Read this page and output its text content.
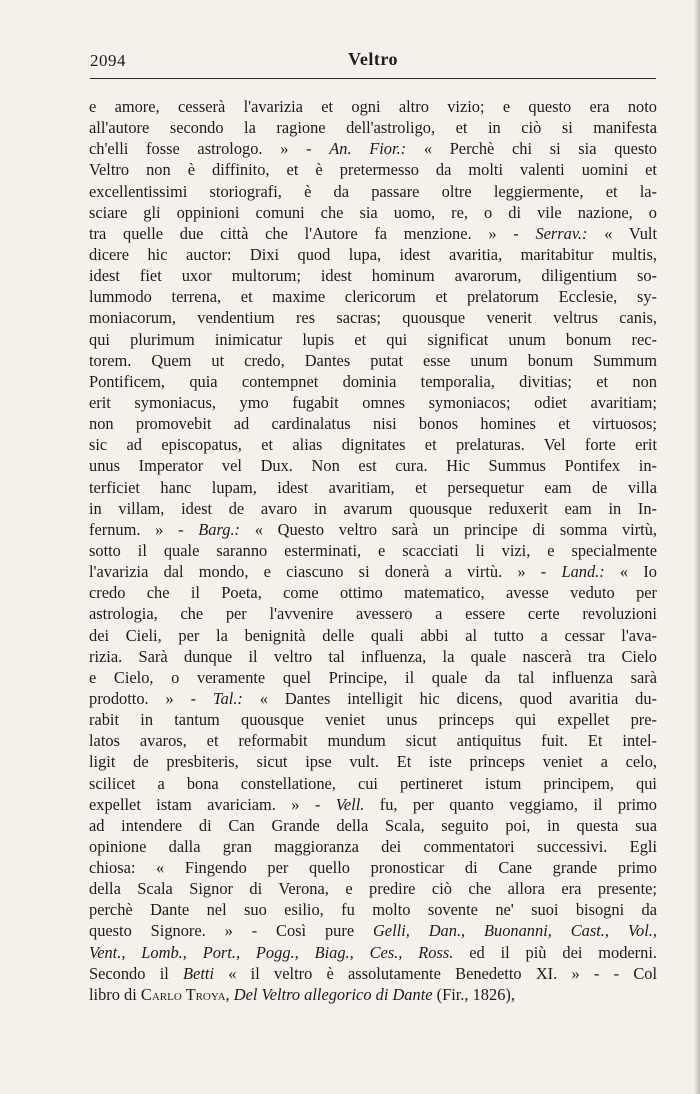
2094	Veltro
e amore, cesserà l'avarizia et ogni altro vizio; e questo era noto
all'autore secondo la ragione dell'astroligo, et in ciò si manifesta
ch'elli fosse astrologo. » - An. Fior.: « Perchè chi si sia questo
Veltro non è diffinito, et è pretermesso da molti valenti uomini et
excellentissimi storiografi, è da passare oltre leggiermente, et la-
sciare gli oppinioni comuni che sia uomo, re, o di vile nazione, o
tra quelle due città che l'Autore fa menzione. » - Serrav.: « Vult
dicere hic auctor: Dixi quod lupa, idest avaritia, maritabitur multis,
idest fiet uxor multorum; idest hominum avarorum, diligentium so-
lummodo terrena, et maxime clericorum et prelatorum Ecclesie, sy-
moniacorum, vendentium res sacras; quousque venerit veltrus canis,
qui plurimum inimicatur lupis et qui significat unum bonum rec-
torem. Quem ut credo, Dantes putat esse unum bonum Summum
Pontificem, quia contempnet dominia temporalia, divitias; et non
erit symoniacus, ymo fugabit omnes symoniacos; odiet avaritiam;
non promovebit ad cardinalatus nisi bonos homines et virtuosos;
sic ad episcopatus, et alias dignitates et prelaturas. Vel forte erit
unus Imperator vel Dux. Non est cura. Hic Summus Pontifex in-
terficiet hanc lupam, idest avaritiam, et persequetur eam de villa
in villam, idest de avaro in avarum quousque reduxerit eam in In-
fernum. » - Barg.: « Questo veltro sarà un principe di somma virtù,
sotto il quale saranno esterminati, e scacciati li vizi, e specialmente
l'avarizia dal mondo, e ciascuno si donerà a virtù. » - Land.: « Io
credo che il Poeta, come ottimo matematico, avesse veduto per
astrologia, che per l'avvenire avessero a essere certe revoluzioni
dei Cieli, per la benignità delle quali abbi al tutto a cessar l'ava-
rizia. Sarà dunque il veltro tal influenza, la quale nascerà tra Cielo
e Cielo, o veramente quel Principe, il quale da tal influenza sarà
prodotto. » - Tal.: « Dantes intelligit hic dicens, quod avaritia du-
rabit in tantum quousque veniet unus princeps qui expellet pre-
latos avaros, et reformabit mundum sicut antiquitus fuit. Et intel-
ligit de presbiteris, sicut ipse vult. Et iste princeps veniet a celo,
scilicet a bona constellatione, cui pertineret istum principem, qui
expellet istam avariciam. » - Vell. fu, per quanto veggiamo, il primo
ad intendere di Can Grande della Scala, seguito poi, in questa sua
opinione dalla gran maggioranza dei commentatori successivi. Egli
chiosa: « Fingendo per quello pronosticar di Cane grande primo
della Scala Signor di Verona, e predire ciò che allora era presente;
perchè Dante nel suo esilio, fu molto sovente ne' suoi bisogni da
questo Signore. » - Così pure Gelli, Dan., Buonanni, Cast., Vol.,
Vent., Lomb., Port., Pogg., Biag., Ces., Ross. ed il più dei moderni.
Secondo il Betti « il veltro è assolutamente Benedetto XI. » - - Col
libro di Carlo Troya, Del Veltro allegorico di Dante (Fir., 1826),
